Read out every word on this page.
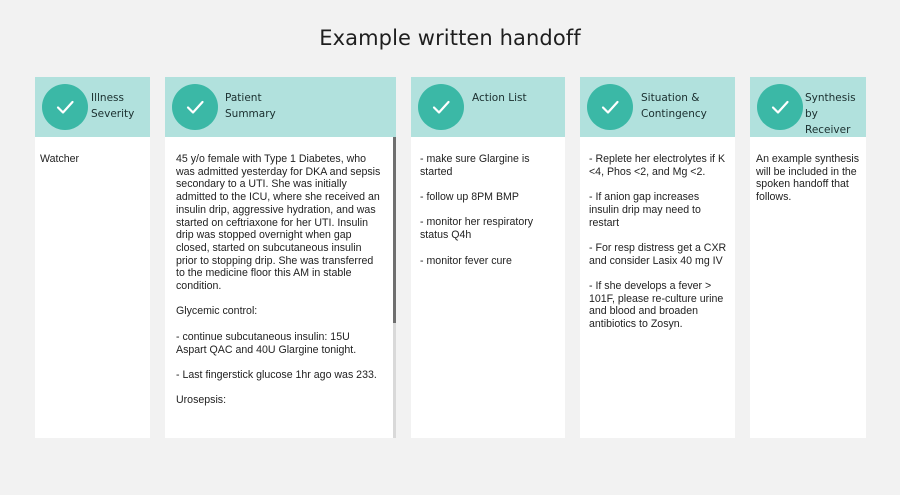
Example written handoff
Illness
Severity

Watcher

Patient
Summary

45 y/o female with Type 1 Diabetes, who was admitted yesterday for DKA and sepsis secondary to a UTI. She was initially admitted to the ICU, where she received an insulin drip, aggressive hydration, and was started on ceftriaxone for her UTI. Insulin drip was stopped overnight when gap closed, started on subcutaneous insulin prior to stopping drip. She was transferred to the medicine floor this AM in stable condition.

Glycemic control:

- continue subcutaneous insulin: 15U Aspart QAC and 40U Glargine tonight.

- Last fingerstick glucose 1hr ago was 233.

Urosepsis:

Action List

- make sure Glargine is started

- follow up 8PM BMP

- monitor her respiratory status Q4h

- monitor fever cure

Situation &
Contingency

- Replete her electrolytes if K <4, Phos <2, and Mg <2.

- If anion gap increases insulin drip may need to restart

- For resp distress get a CXR and consider Lasix 40 mg IV

- If she develops a fever > 101F, please re-culture urine and blood and broaden antibiotics to Zosyn.

Synthesis
by Receiver

An example synthesis will be included in the spoken handoff that follows.
